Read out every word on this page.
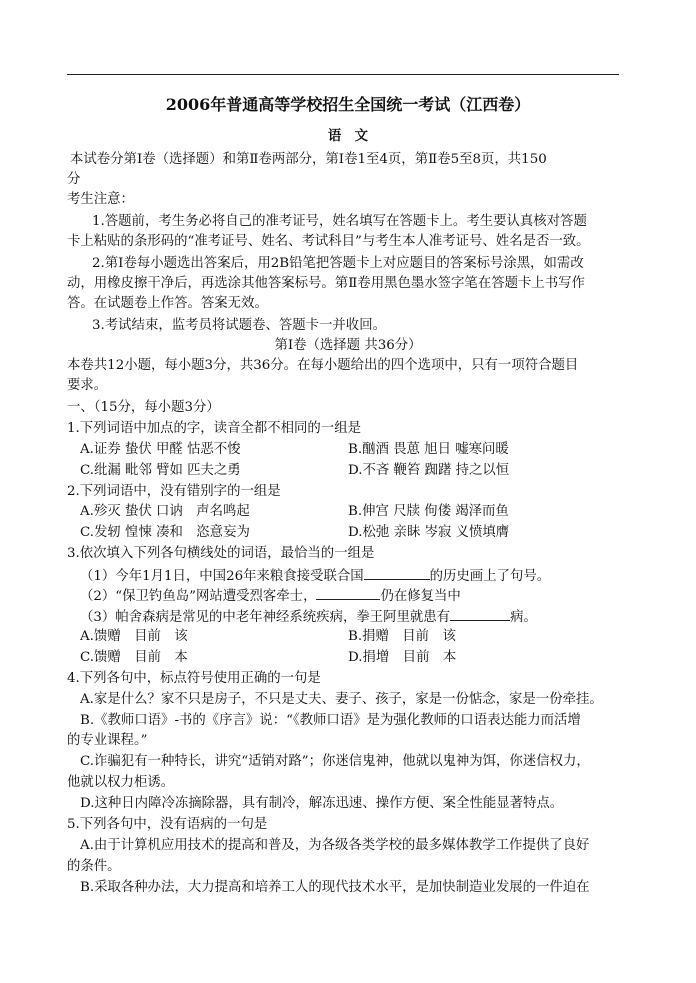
2006年普通高等学校招生全国统一考试（江西卷）
语　文
本试卷分第Ⅰ卷（选择题）和第Ⅱ卷两部分，第Ⅰ卷1至4页，第Ⅱ卷5至8页，共150
分
考生注意：
1.答题前，考生务必将自己的准考证号，姓名填写在答题卡上。考生要认真核对答题
卡上粘贴的条形码的“准考证号、姓名、考试科目”与考生本人准考证号、姓名是否一致。
2.第Ⅰ卷每小题选出答案后，用2B铅笔把答题卡上对应题目的答案标号涂黑，如需改
动，用橡皮擦干净后，再选涂其他答案标号。第Ⅱ卷用黑色墨水签字笔在答题卡上书写作
答。在试题卷上作答。答案无效。
3.考试结束，监考员将试题卷、答题卡一并收回。
第Ⅰ卷（选择题 共36分）
本卷共12小题，每小题3分，共36分。在每小题给出的四个选项中，只有一项符合题目
要求。
一、（15分，每小题3分）
1.下列词语中加点的字，读音全都不相同的一组是
A.证券 蛰伏 甲醛 怙恶不悛	B.酗酒 畏葸 旭日 嘘寒问暖
C.纰漏 毗邻 臂如 匹夫之勇	D.不吝 鞭笞 踟躇 持之以恒
2.下列词语中，没有错别字的一组是
A.殄灭 蛰伏 口讷　声名鸣起	B.伸宫 尺牍 佝偻 竭泽而鱼
C.发轫 惶悚 凑和　恣意妄为	D.松弛 亲眛 岑寂 义愤填膺
3.依次填入下列各句横线处的词语，最恰当的一组是
（1）今年1月1日，中国26年来粮食接受联合国	的历史画上了句号。
（2）“保卫钓鱼岛”网站遭受烈客牵士，	仍在修复当中
（3）帕舍森病是常见的中老年神经系统疾病，拳王阿里就患有	病。
A.馈赠　目前　该	B.捐赠　目前　该
C.馈赠　目前　本	D.捐增　目前　本
4.下列各句中，标点符号使用正确的一句是
A.家是什么？家不只是房子，不只是丈夫、妻子、孩子，家是一份惦念，家是一份牵挂。
B.《教师口语》-书的《序言》说：“《教师口语》是为强化教师的口语表达能力而活增
的专业课程。”
C.诈骗犯有一种特长，讲究“适销对路”；你迷信鬼神，他就以鬼神为饵，你迷信权力，
他就以权力柜诱。
D.这种日内障冷冻摘除器，具有制冷，解冻迅速、操作方便、案全性能显著特点。
5.下列各句中，没有语病的一句是
A.由于计算机应用技术的提高和普及，为各级各类学校的最多媒体教学工作提供了良好
的条件。
B.采取各种办法，大力提高和培养工人的现代技术水平，是加快制造业发展的一件迫在
